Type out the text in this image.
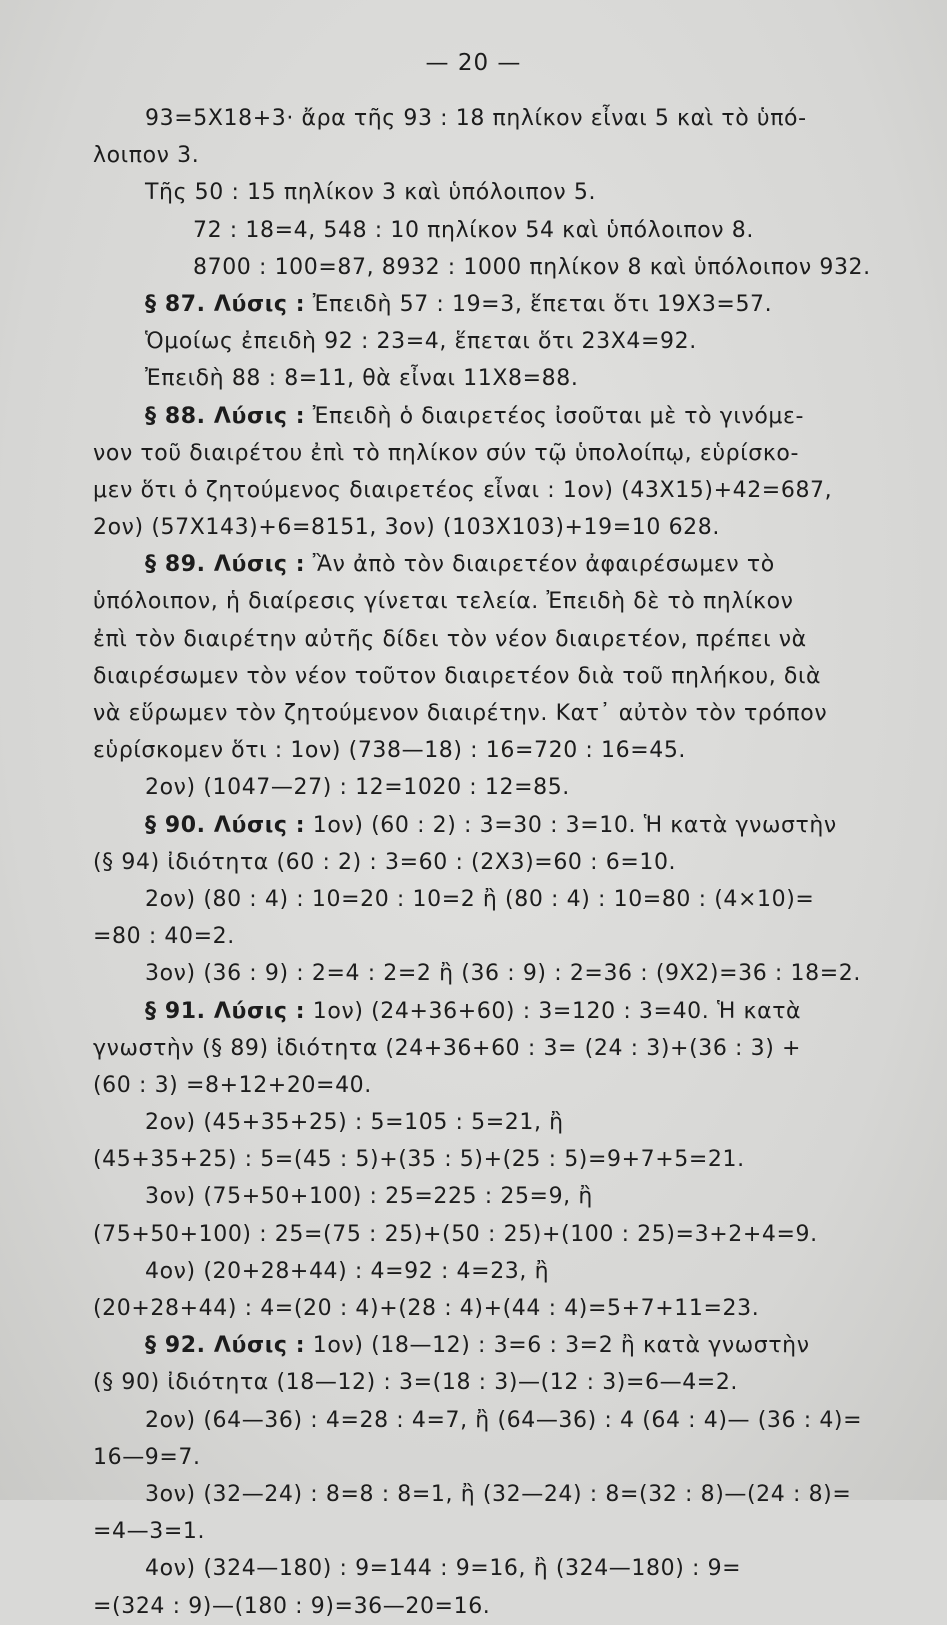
— 20 —
93=5X18+3· ἄρα τῆς 93 : 18 πηλίκον εἶναι 5 καὶ τὸ ὑπό-
λοιπον 3.
Τῆς 50 : 15 πηλίκον 3 καὶ ὑπόλοιπον 5.
72 : 18=4, 548 : 10 πηλίκον 54 καὶ ὑπόλοιπον 8.
8700 : 100=87, 8932 : 1000 πηλίκον 8 καὶ ὑπόλοιπον 932.
§ 87. Λύσις : Ἐπειδὴ 57 : 19=3, ἕπεται ὅτι 19X3=57.
Ὁμοίως ἐπειδὴ 92 : 23=4, ἕπεται ὅτι 23X4=92.
Ἐπειδὴ 88 : 8=11, θὰ εἶναι 11X8=88.
§ 88. Λύσις : Ἐπειδὴ ὁ διαιρετέος ἰσοῦται μὲ τὸ γινόμε-
νον τοῦ διαιρέτου ἐπὶ τὸ πηλίκον σύν τῷ ὑπολοίπῳ, εὑρίσκο-
μεν ὅτι ὁ ζητούμενος διαιρετέος εἶναι : 1ον) (43X15)+42=687,
2ον) (57X143)+6=8151, 3ον) (103X103)+19=10 628.
§ 89. Λύσις : Ἂν ἀπὸ τὸν διαιρετέον ἀφαιρέσωμεν τὸ
ὑπόλοιπον, ἡ διαίρεσις γίνεται τελεία. Ἐπειδὴ δὲ τὸ πηλίκον
ἐπὶ τὸν διαιρέτην αὐτῆς δίδει τὸν νέον διαιρετέον, πρέπει νὰ
διαιρέσωμεν τὸν νέον τοῦτον διαιρετέον διὰ τοῦ πηλήκου, διὰ
νὰ εὕρωμεν τὸν ζητούμενον διαιρέτην. Κατ᾽ αὐτὸν τὸν τρόπον
εὑρίσκομεν ὅτι : 1ον) (738—18) : 16=720 : 16=45.
2ον) (1047—27) : 12=1020 : 12=85.
§ 90. Λύσις : 1ον) (60 : 2) : 3=30 : 3=10. Ἡ κατὰ γνωστὴν
(§ 94) ἰδιότητα (60 : 2) : 3=60 : (2X3)=60 : 6=10.
2ον) (80 : 4) : 10=20 : 10=2 ἢ (80 : 4) : 10=80 : (4×10)=
=80 : 40=2.
3ον) (36 : 9) : 2=4 : 2=2 ἢ (36 : 9) : 2=36 : (9X2)=36 : 18=2.
§ 91. Λύσις : 1ον) (24+36+60) : 3=120 : 3=40. Ἡ κατὰ
γνωστὴν (§ 89) ἰδιότητα (24+36+60 : 3= (24 : 3)+(36 : 3) +
(60 : 3) =8+12+20=40.
2ον) (45+35+25) : 5=105 : 5=21, ἢ
(45+35+25) : 5=(45 : 5)+(35 : 5)+(25 : 5)=9+7+5=21.
3ον) (75+50+100) : 25=225 : 25=9, ἢ
(75+50+100) : 25=(75 : 25)+(50 : 25)+(100 : 25)=3+2+4=9.
4ον) (20+28+44) : 4=92 : 4=23, ἢ
(20+28+44) : 4=(20 : 4)+(28 : 4)+(44 : 4)=5+7+11=23.
§ 92. Λύσις : 1ον) (18—12) : 3=6 : 3=2 ἢ κατὰ γνωστὴν
(§ 90) ἰδιότητα (18—12) : 3=(18 : 3)—(12 : 3)=6—4=2.
2ον) (64—36) : 4=28 : 4=7, ἢ (64—36) : 4 (64 : 4)— (36 : 4)=
16—9=7.
3ον) (32—24) : 8=8 : 8=1, ἢ (32—24) : 8=(32 : 8)—(24 : 8)=
=4—3=1.
4ον) (324—180) : 9=144 : 9=16, ἢ (324—180) : 9=
=(324 : 9)—(180 : 9)=36—20=16.
